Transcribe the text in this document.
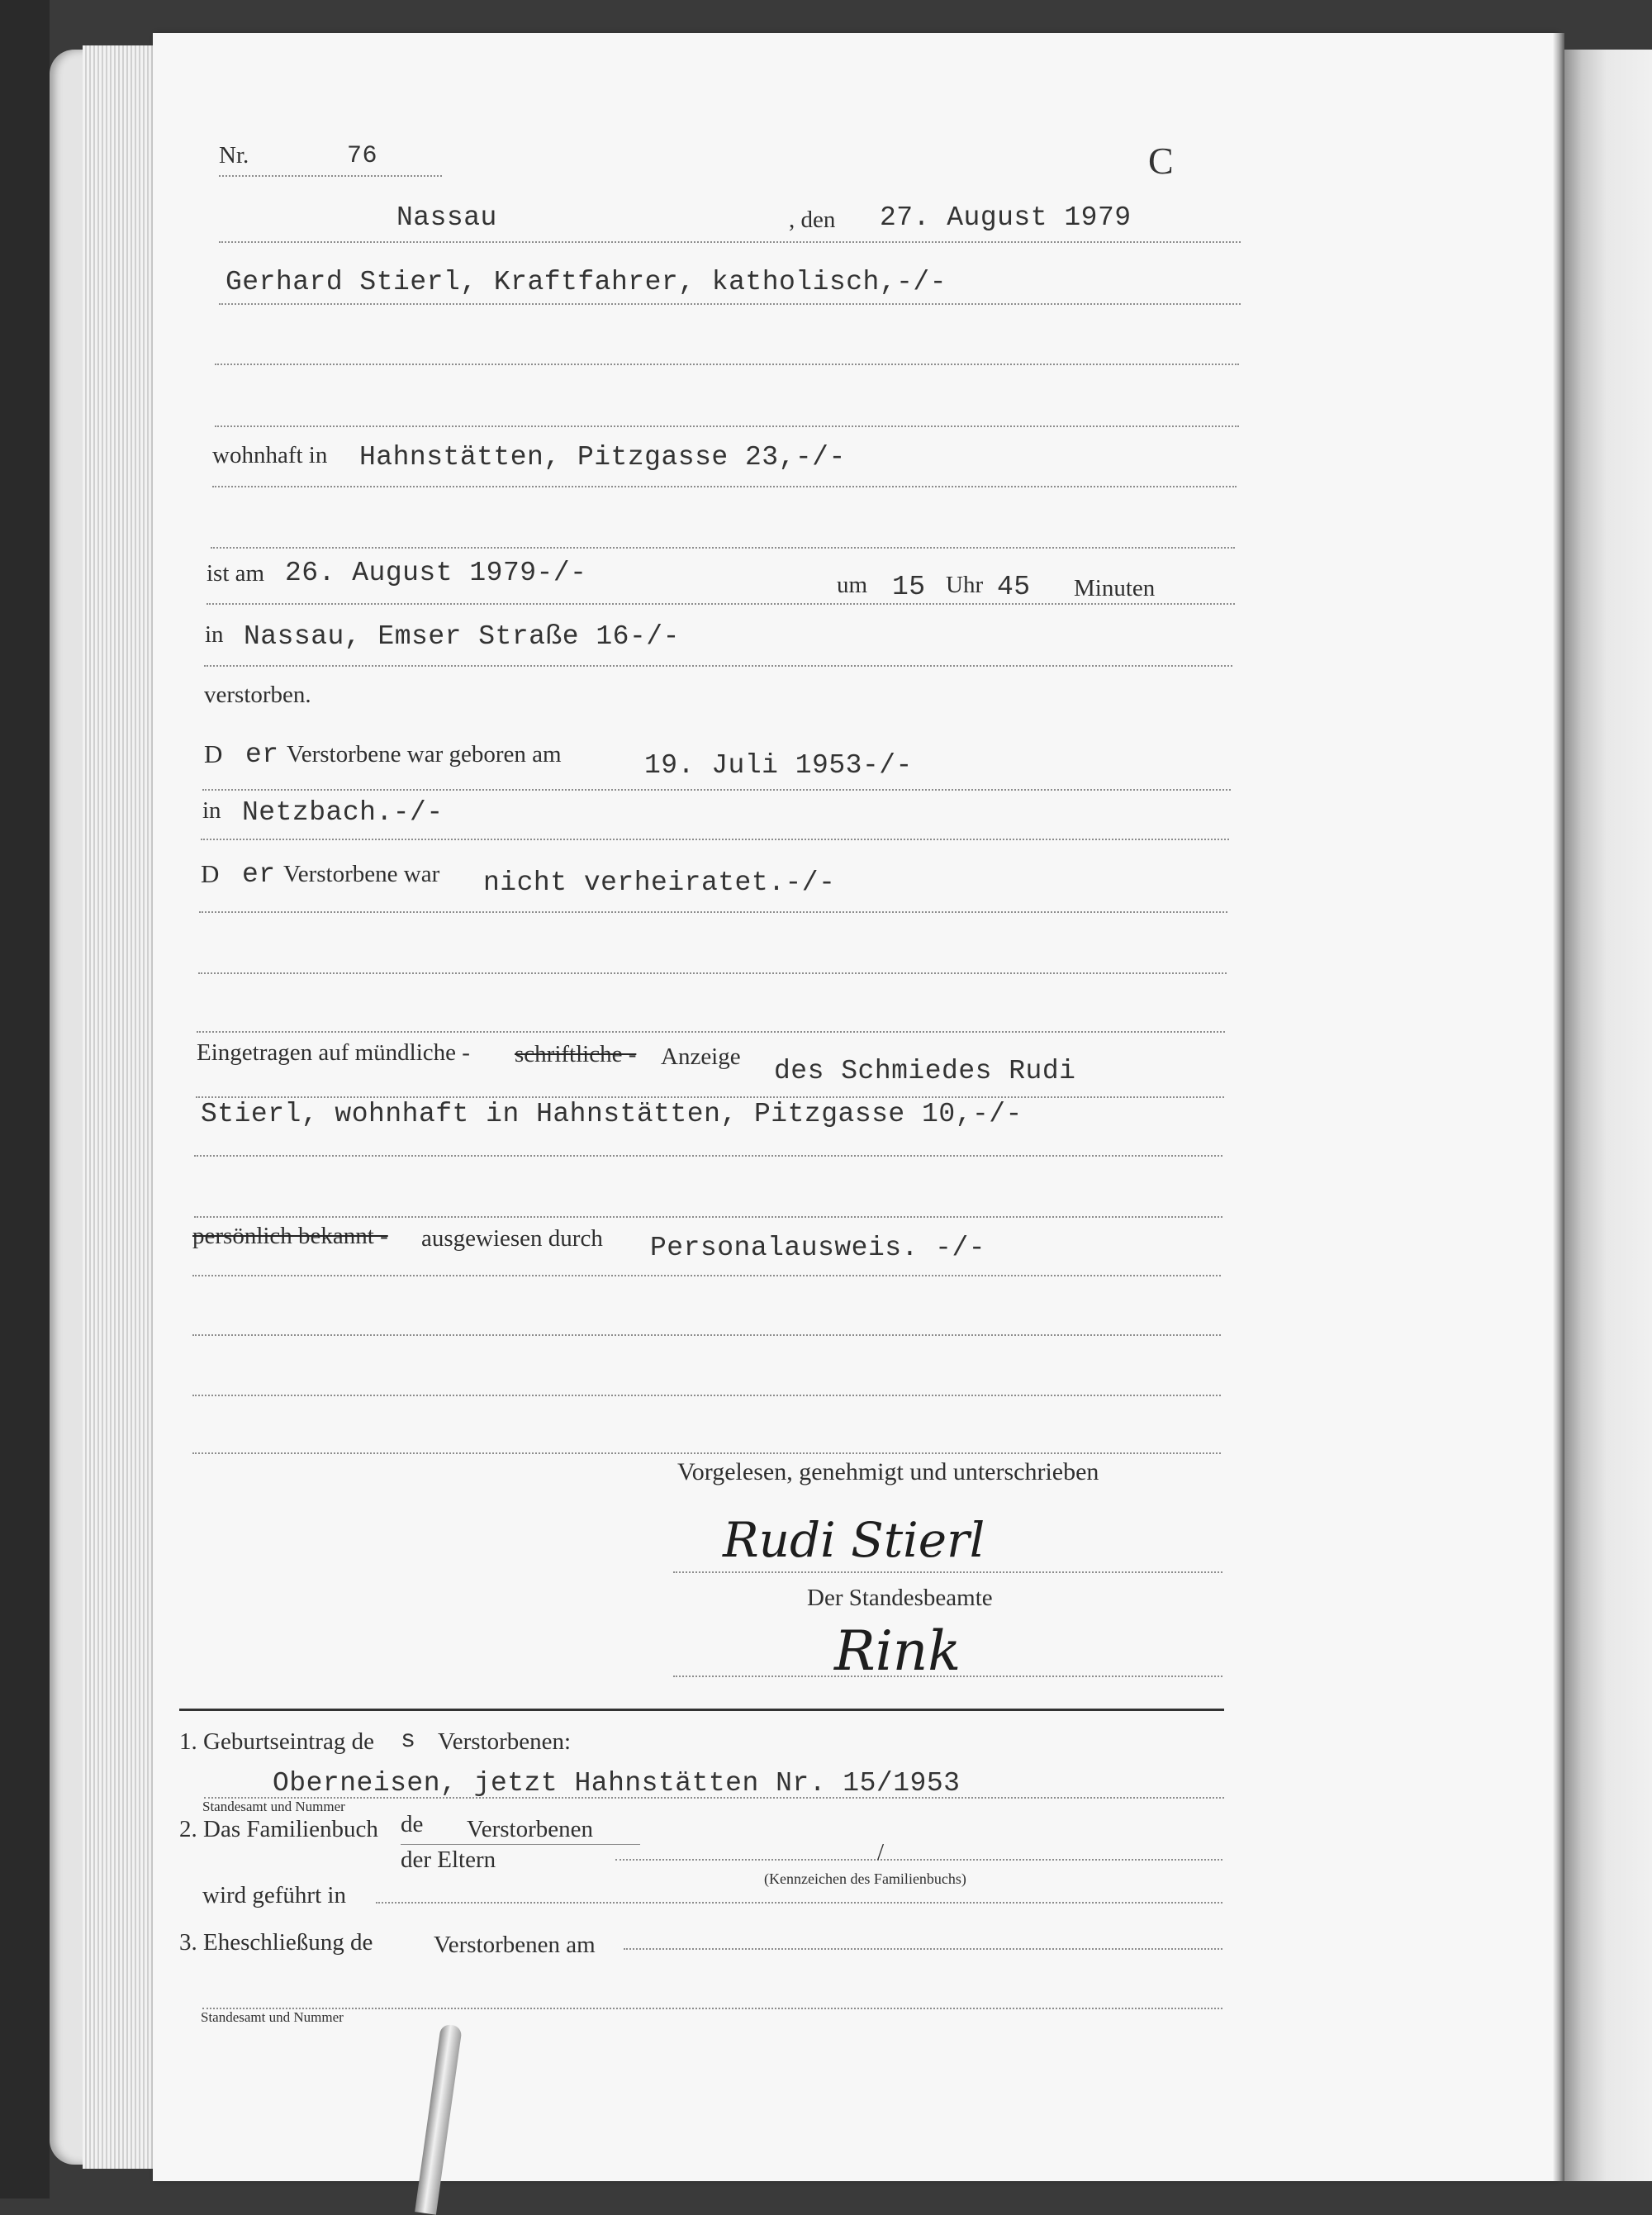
Nr.	76	C
Nassau	, den 27. August 1979
Gerhard Stierl, Kraftfahrer, katholisch,-/-
wohnhaft in Hahnstätten, Pitzgasse 23,-/-
ist am 26. August 1979-/-	um 15 Uhr 45 Minuten
in Nassau, Emser Straße 16-/-
verstorben.
D er Verstorbene war geboren am	19. Juli 1953-/-
in Netzbach.-/-
D er Verstorbene war nicht verheiratet.-/-
Eingetragen auf mündliche - schriftliche - Anzeige des Schmiedes Rudi
Stierl, wohnhaft in Hahnstätten, Pitzgasse 10,-/-
persönlich bekannt - ausgewiesen durch Personalausweis. -/-
Vorgelesen, genehmigt und unterschrieben
Rudi Stierl
Der Standesbeamte
Rink
1. Geburtseintrag de s Verstorbenen:
Oberneisen, jetzt Hahnstätten Nr. 15/1953
Standesamt und Nummer
2. Das Familienbuch de Verstorbenen
der Eltern	/
(Kennzeichen des Familienbuchs)
wird geführt in
3. Eheschließung de	Verstorbenen am
Standesamt und Nummer
